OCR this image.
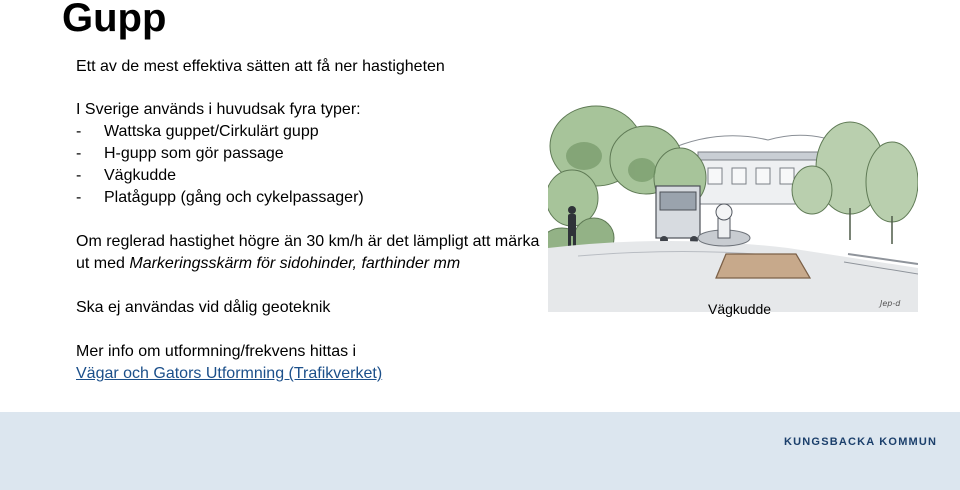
Gupp

Ett av de mest effektiva sätten att få ner hastigheten

I Sverige används i huvudsak fyra typer:

-	Wattska guppet/Cirkulärt gupp
-	H-gupp som gör passage
-	Vägkudde
-	Platågupp (gång och cykelpassager)

Om reglerad hastighet högre än 30 km/h är det lämpligt att märka ut med Markeringsskärm för sidohinder, farthinder mm

Ska ej användas vid dålig geoteknik

Mer info om utformning/frekvens hittas i

Vägar och Gators Utformning (Trafikverket)

Jep-d
Vägkudde
KUNGSBACKA KOMMUN
